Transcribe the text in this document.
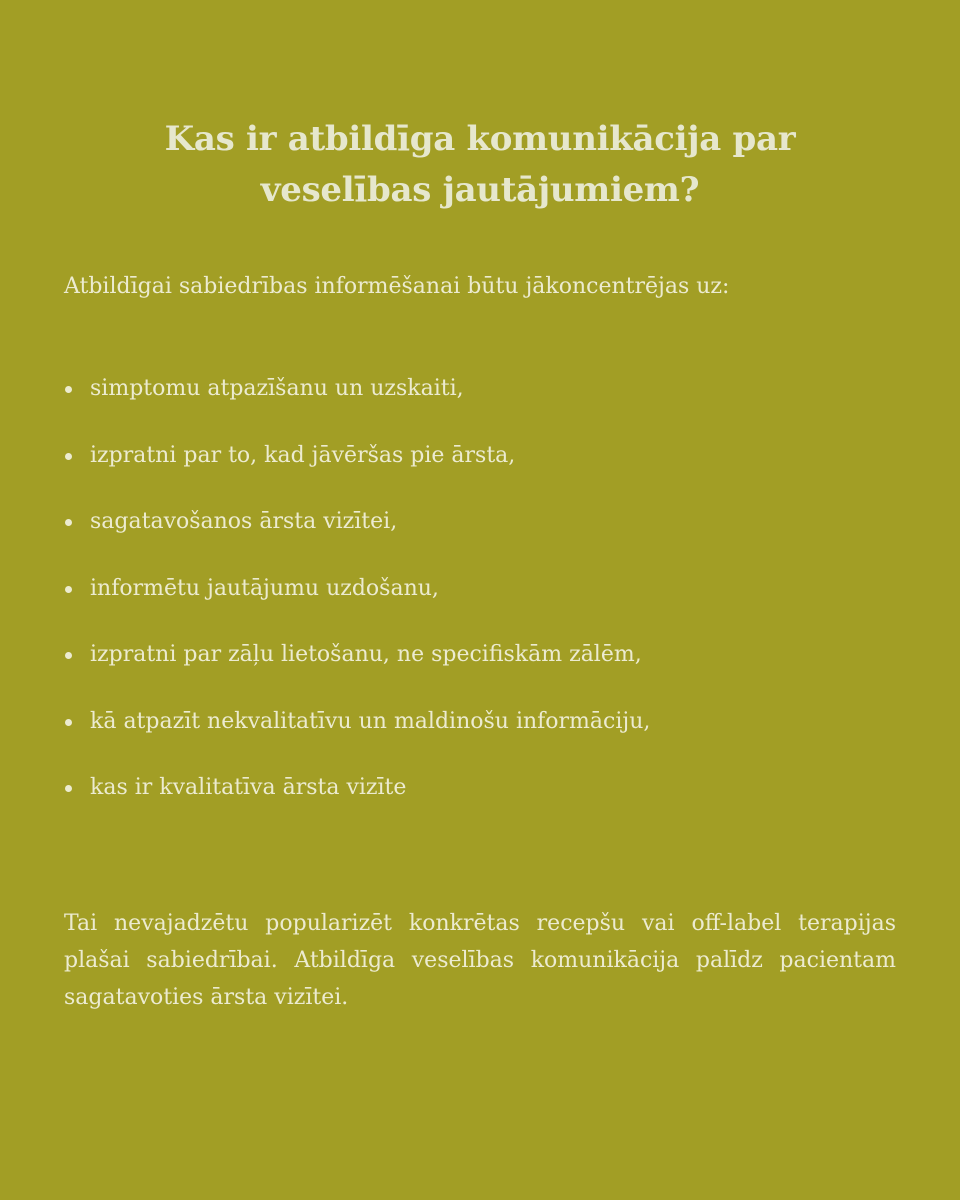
Kas ir atbildīga komunikācija par veselības jautājumiem?

Atbildīgai sabiedrības informēšanai būtu jākoncentrējas uz:

simptomu atpazīšanu un uzskaiti,
izpratni par to, kad jāvēršas pie ārsta,
sagatavošanos ārsta vizītei,
informētu jautājumu uzdošanu,
izpratni par zāļu lietošanu, ne specifiskām zālēm,
kā atpazīt nekvalitatīvu un maldinošu informāciju,
kas ir kvalitatīva ārsta vizīte

Tai nevajadzētu popularizēt konkrētas recepšu vai off-label terapijas plašai sabiedrībai. Atbildīga veselības komunikācija palīdz pacientam sagatavoties ārsta vizītei.
